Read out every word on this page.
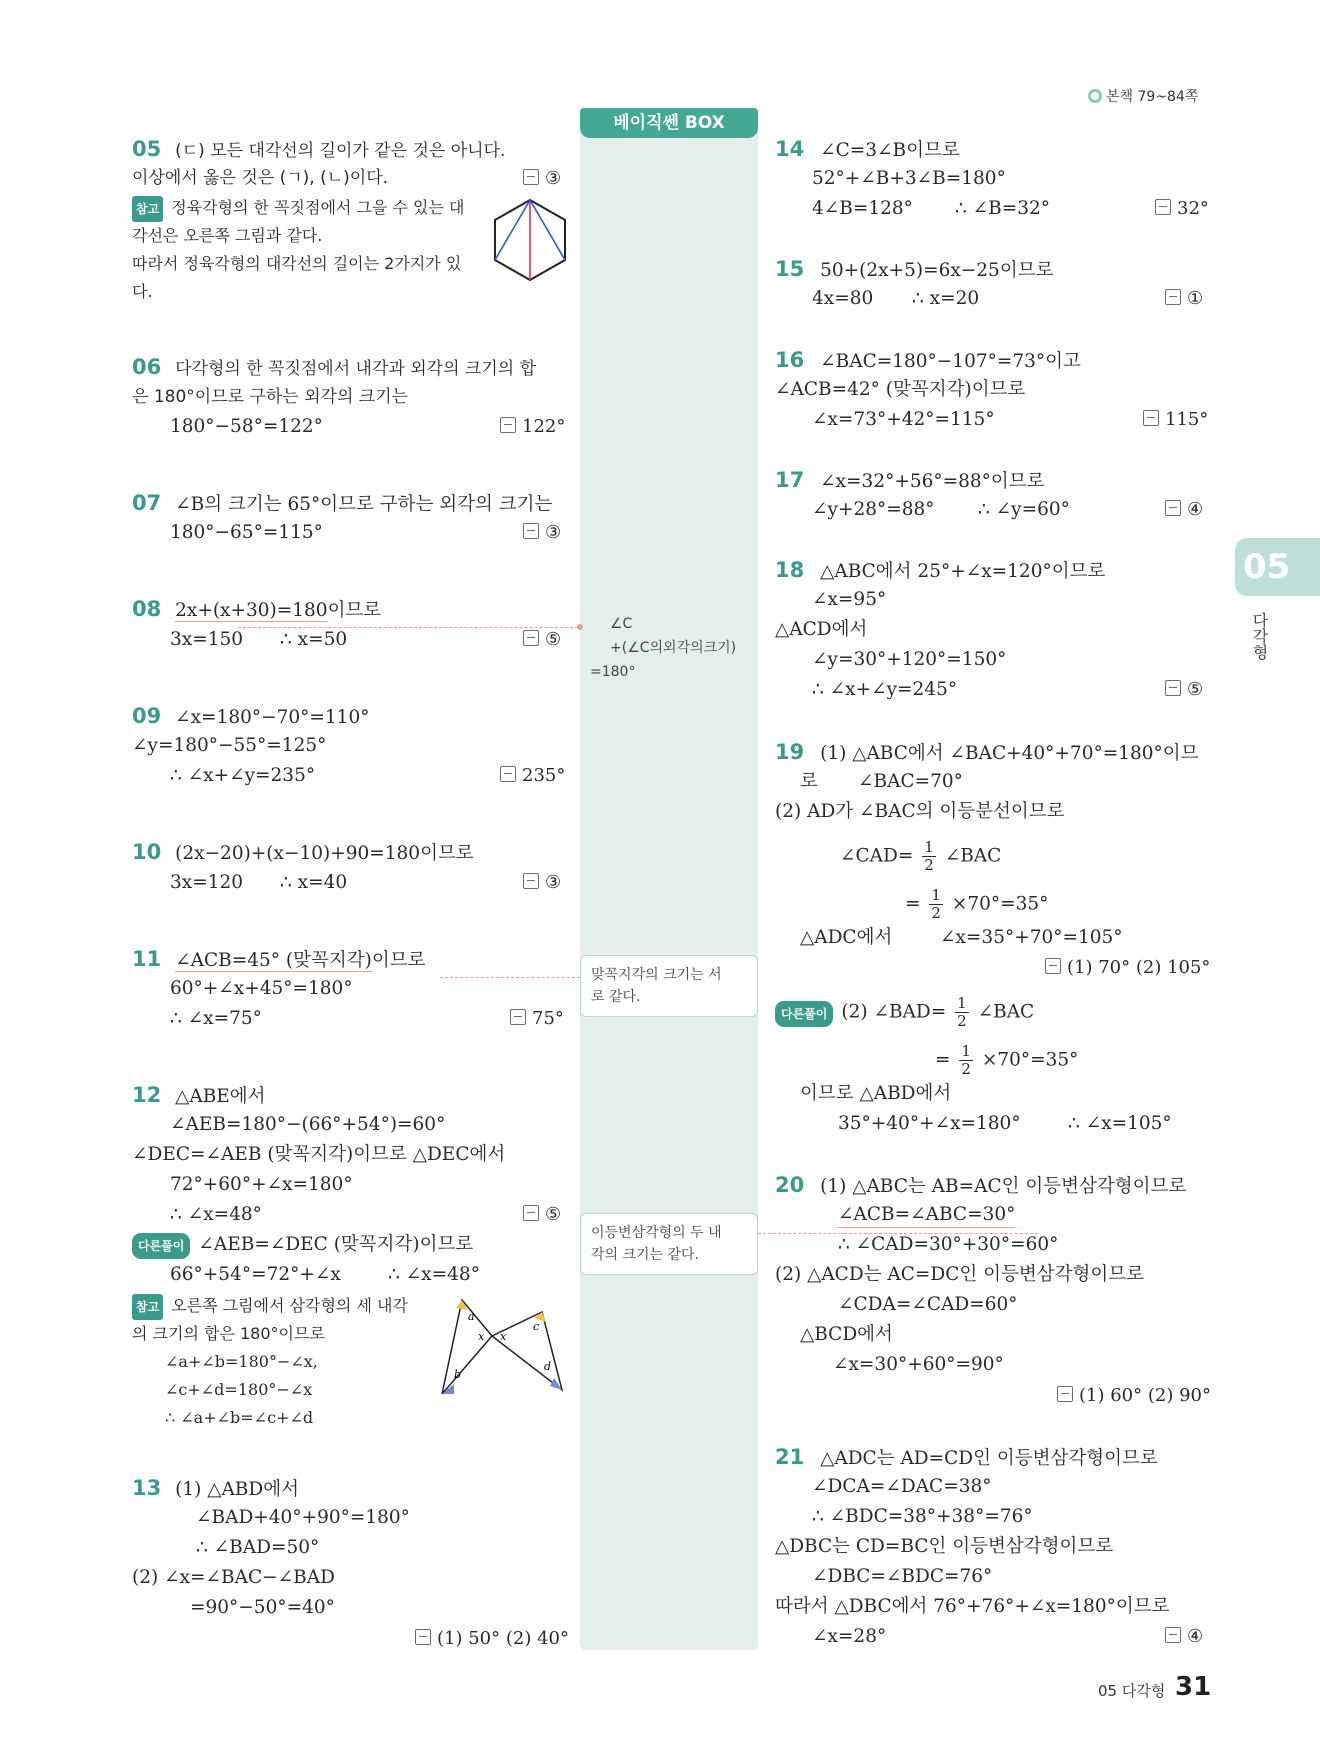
본책 79~84쪽
베이직쎈 BOX
∠C
+(∠C의외각의크기)
=180°
맞꼭지각의 크기는 서
로 같다.
이등변삼각형의 두 내
각의 크기는 같다.
05
다각형
05 (ㄷ) 모든 대각선의 길이가 같은 것은 아니다.
이상에서 옳은 것은 (ㄱ), (ㄴ)이다.	③
참고 정육각형의 한 꼭짓점에서 그을 수 있는 대
각선은 오른쪽 그림과 같다.
따라서 정육각형의 대각선의 길이는 2가지가 있
다.
06 다각형의 한 꼭짓점에서 내각과 외각의 크기의 합
은 180°이므로 구하는 외각의 크기는
180°−58°=122°	122°
07 ∠B의 크기는 65°이므로 구하는 외각의 크기는
180°−65°=115°	③
08 2x+(x+30)=180이므로
3x=150 ∴ x=50	⑤
09 ∠x=180°−70°=110°
∠y=180°−55°=125°
∴ ∠x+∠y=235°	235°
10 (2x−20)+(x−10)+90=180이므로
3x=120 ∴ x=40	③
11 ∠ACB=45° (맞꼭지각)이므로
60°+∠x+45°=180°
∴ ∠x=75°	75°
12 △ABE에서
∠AEB=180°−(66°+54°)=60°
∠DEC=∠AEB (맞꼭지각)이므로 △DEC에서
72°+60°+∠x=180°
∴ ∠x=48°	⑤
다른풀이 ∠AEB=∠DEC (맞꼭지각)이므로
66°+54°=72°+∠x	∴ ∠x=48°
참고 오른쪽 그림에서 삼각형의 세 내각
의 크기의 합은 180°이므로
∠a+∠b=180°−∠x,
∠c+∠d=180°−∠x
∴ ∠a+∠b=∠c+∠d
a
b
c
d
x x
13 (1) △ABD에서
∠BAD+40°+90°=180°
∴ ∠BAD=50°
(2) ∠x=∠BAC−∠BAD
=90°−50°=40°
(1) 50° (2) 40°
14 ∠C=3∠B이므로
52°+∠B+3∠B=180°
4∠B=128° ∴ ∠B=32°	32°
15 50+(2x+5)=6x−25이므로
4x=80 ∴ x=20	①
16 ∠BAC=180°−107°=73°이고
∠ACB=42° (맞꼭지각)이므로
∠x=73°+42°=115°	115°
17 ∠x=32°+56°=88°이므로
∠y+28°=88° ∴ ∠y=60°	④
18 △ABC에서 25°+∠x=120°이므로
∠x=95°
△ACD에서
∠y=30°+120°=150°
∴ ∠x+∠y=245°	⑤
19 (1) △ABC에서 ∠BAC+40°+70°=180°이므
로 ∠BAC=70°
(2) AD가 ∠BAC의 이등분선이므로
∠CAD= $\frac{1}{2}$ ∠BAC
= $\frac{1}{2} \times 70^\circ=35^\circ$
△ADC에서	∠x=35°+70°=105°
(1) 70° (2) 105°
다른풀이 (2) ∠BAD= $\frac{1}{2}$ ∠BAC
= $\frac{1}{2} \times 70^\circ=35^\circ$
이므로 △ABD에서
35°+40°+∠x=180°	∴ ∠x=105°
20 (1) △ABC는 AB=AC인 이등변삼각형이므로
∠ACB=∠ABC=30°
∴ ∠CAD=30°+30°=60°
(2) △ACD는 AC=DC인 이등변삼각형이므로
∠CDA=∠CAD=60°
△BCD에서
∠x=30°+60°=90°
(1) 60° (2) 90°
21 △ADC는 AD=CD인 이등변삼각형이므로
∠DCA=∠DAC=38°
∴ ∠BDC=38°+38°=76°
△DBC는 CD=BC인 이등변삼각형이므로
∠DBC=∠BDC=76°
따라서 △DBC에서 76°+76°+∠x=180°이므로
∠x=28°	④
05 다각형 31
